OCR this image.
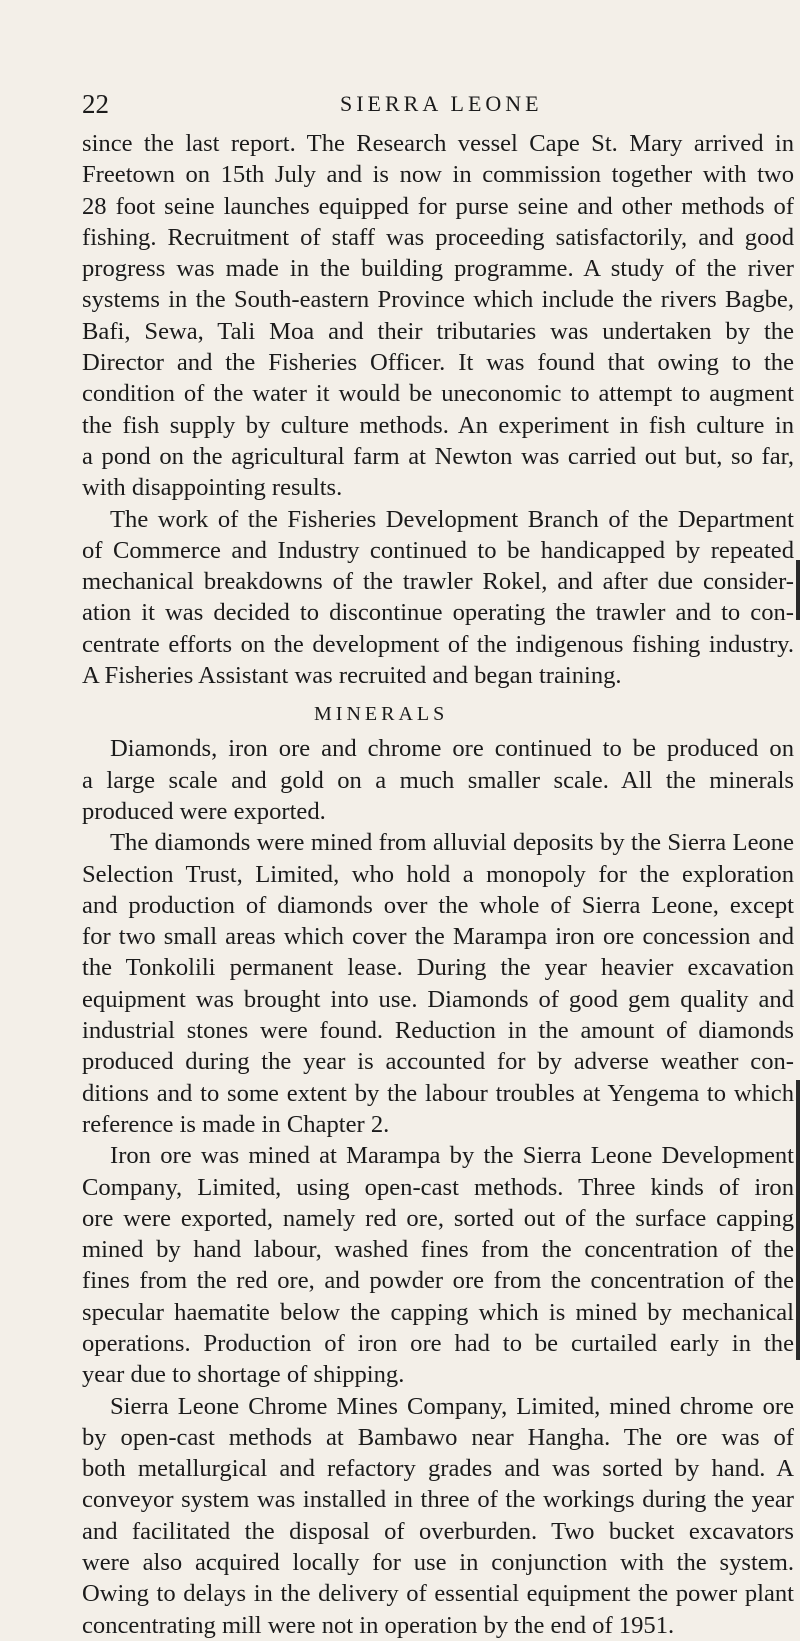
22	SIERRA LEONE
since the last report. The Research vessel Cape St. Mary arrived in
Freetown on 15th July and is now in commission together with two
28 foot seine launches equipped for purse seine and other methods of
fishing. Recruitment of staff was proceeding satisfactorily, and good
progress was made in the building programme. A study of the river
systems in the South-eastern Province which include the rivers Bagbe,
Bafi, Sewa, Tali Moa and their tributaries was undertaken by the
Director and the Fisheries Officer. It was found that owing to the
condition of the water it would be uneconomic to attempt to augment
the fish supply by culture methods. An experiment in fish culture in
a pond on the agricultural farm at Newton was carried out but, so far,
with disappointing results.
The work of the Fisheries Development Branch of the Department
of Commerce and Industry continued to be handicapped by repeated
mechanical breakdowns of the trawler Rokel, and after due consider-
ation it was decided to discontinue operating the trawler and to con-
centrate efforts on the development of the indigenous fishing industry.
A Fisheries Assistant was recruited and began training.
MINERALS
Diamonds, iron ore and chrome ore continued to be produced on
a large scale and gold on a much smaller scale. All the minerals
produced were exported.
The diamonds were mined from alluvial deposits by the Sierra Leone
Selection Trust, Limited, who hold a monopoly for the exploration
and production of diamonds over the whole of Sierra Leone, except
for two small areas which cover the Marampa iron ore concession and
the Tonkolili permanent lease. During the year heavier excavation
equipment was brought into use. Diamonds of good gem quality and
industrial stones were found. Reduction in the amount of diamonds
produced during the year is accounted for by adverse weather con-
ditions and to some extent by the labour troubles at Yengema to which
reference is made in Chapter 2.
Iron ore was mined at Marampa by the Sierra Leone Development
Company, Limited, using open-cast methods. Three kinds of iron
ore were exported, namely red ore, sorted out of the surface capping
mined by hand labour, washed fines from the concentration of the
fines from the red ore, and powder ore from the concentration of the
specular haematite below the capping which is mined by mechanical
operations. Production of iron ore had to be curtailed early in the
year due to shortage of shipping.
Sierra Leone Chrome Mines Company, Limited, mined chrome ore
by open-cast methods at Bambawo near Hangha. The ore was of
both metallurgical and refactory grades and was sorted by hand. A
conveyor system was installed in three of the workings during the year
and facilitated the disposal of overburden. Two bucket excavators
were also acquired locally for use in conjunction with the system.
Owing to delays in the delivery of essential equipment the power plant
concentrating mill were not in operation by the end of 1951.
